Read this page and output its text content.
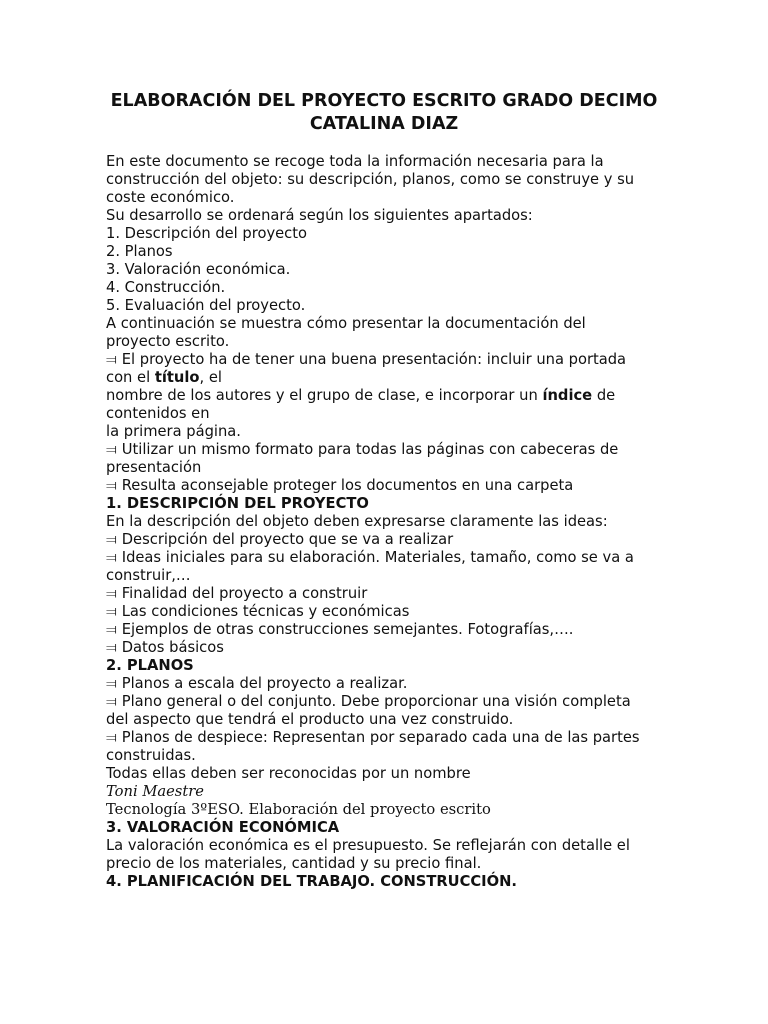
ELABORACIÓN DEL PROYECTO ESCRITO GRADO DECIMO
CATALINA DIAZ
En este documento se recoge toda la información necesaria para la
construcción del objeto: su descripción, planos, como se construye y su
coste económico.
Su desarrollo se ordenará según los siguientes apartados:
1. Descripción del proyecto
2. Planos
3. Valoración económica.
4. Construcción.
5. Evaluación del proyecto.
A continuación se muestra cómo presentar la documentación del
proyecto escrito.
⫤ El proyecto ha de tener una buena presentación: incluir una portada
con el título, el
nombre de los autores y el grupo de clase, e incorporar un índice de
contenidos en
la primera página.
⫤ Utilizar un mismo formato para todas las páginas con cabeceras de
presentación
⫤ Resulta aconsejable proteger los documentos en una carpeta
1. DESCRIPCIÓN DEL PROYECTO
En la descripción del objeto deben expresarse claramente las ideas:
⫤ Descripción del proyecto que se va a realizar
⫤ Ideas iniciales para su elaboración. Materiales, tamaño, como se va a
construir,…
⫤ Finalidad del proyecto a construir
⫤ Las condiciones técnicas y económicas
⫤ Ejemplos de otras construcciones semejantes. Fotografías,….
⫤ Datos básicos
2. PLANOS
⫤ Planos a escala del proyecto a realizar.
⫤ Plano general o del conjunto. Debe proporcionar una visión completa
del aspecto que tendrá el producto una vez construido.
⫤ Planos de despiece: Representan por separado cada una de las partes
construidas.
Todas ellas deben ser reconocidas por un nombre
Toni Maestre
Tecnología 3ºESO. Elaboración del proyecto escrito
3. VALORACIÓN ECONÓMICA
La valoración económica es el presupuesto. Se reflejarán con detalle el
precio de los materiales, cantidad y su precio final.
4. PLANIFICACIÓN DEL TRABAJO. CONSTRUCCIÓN.
